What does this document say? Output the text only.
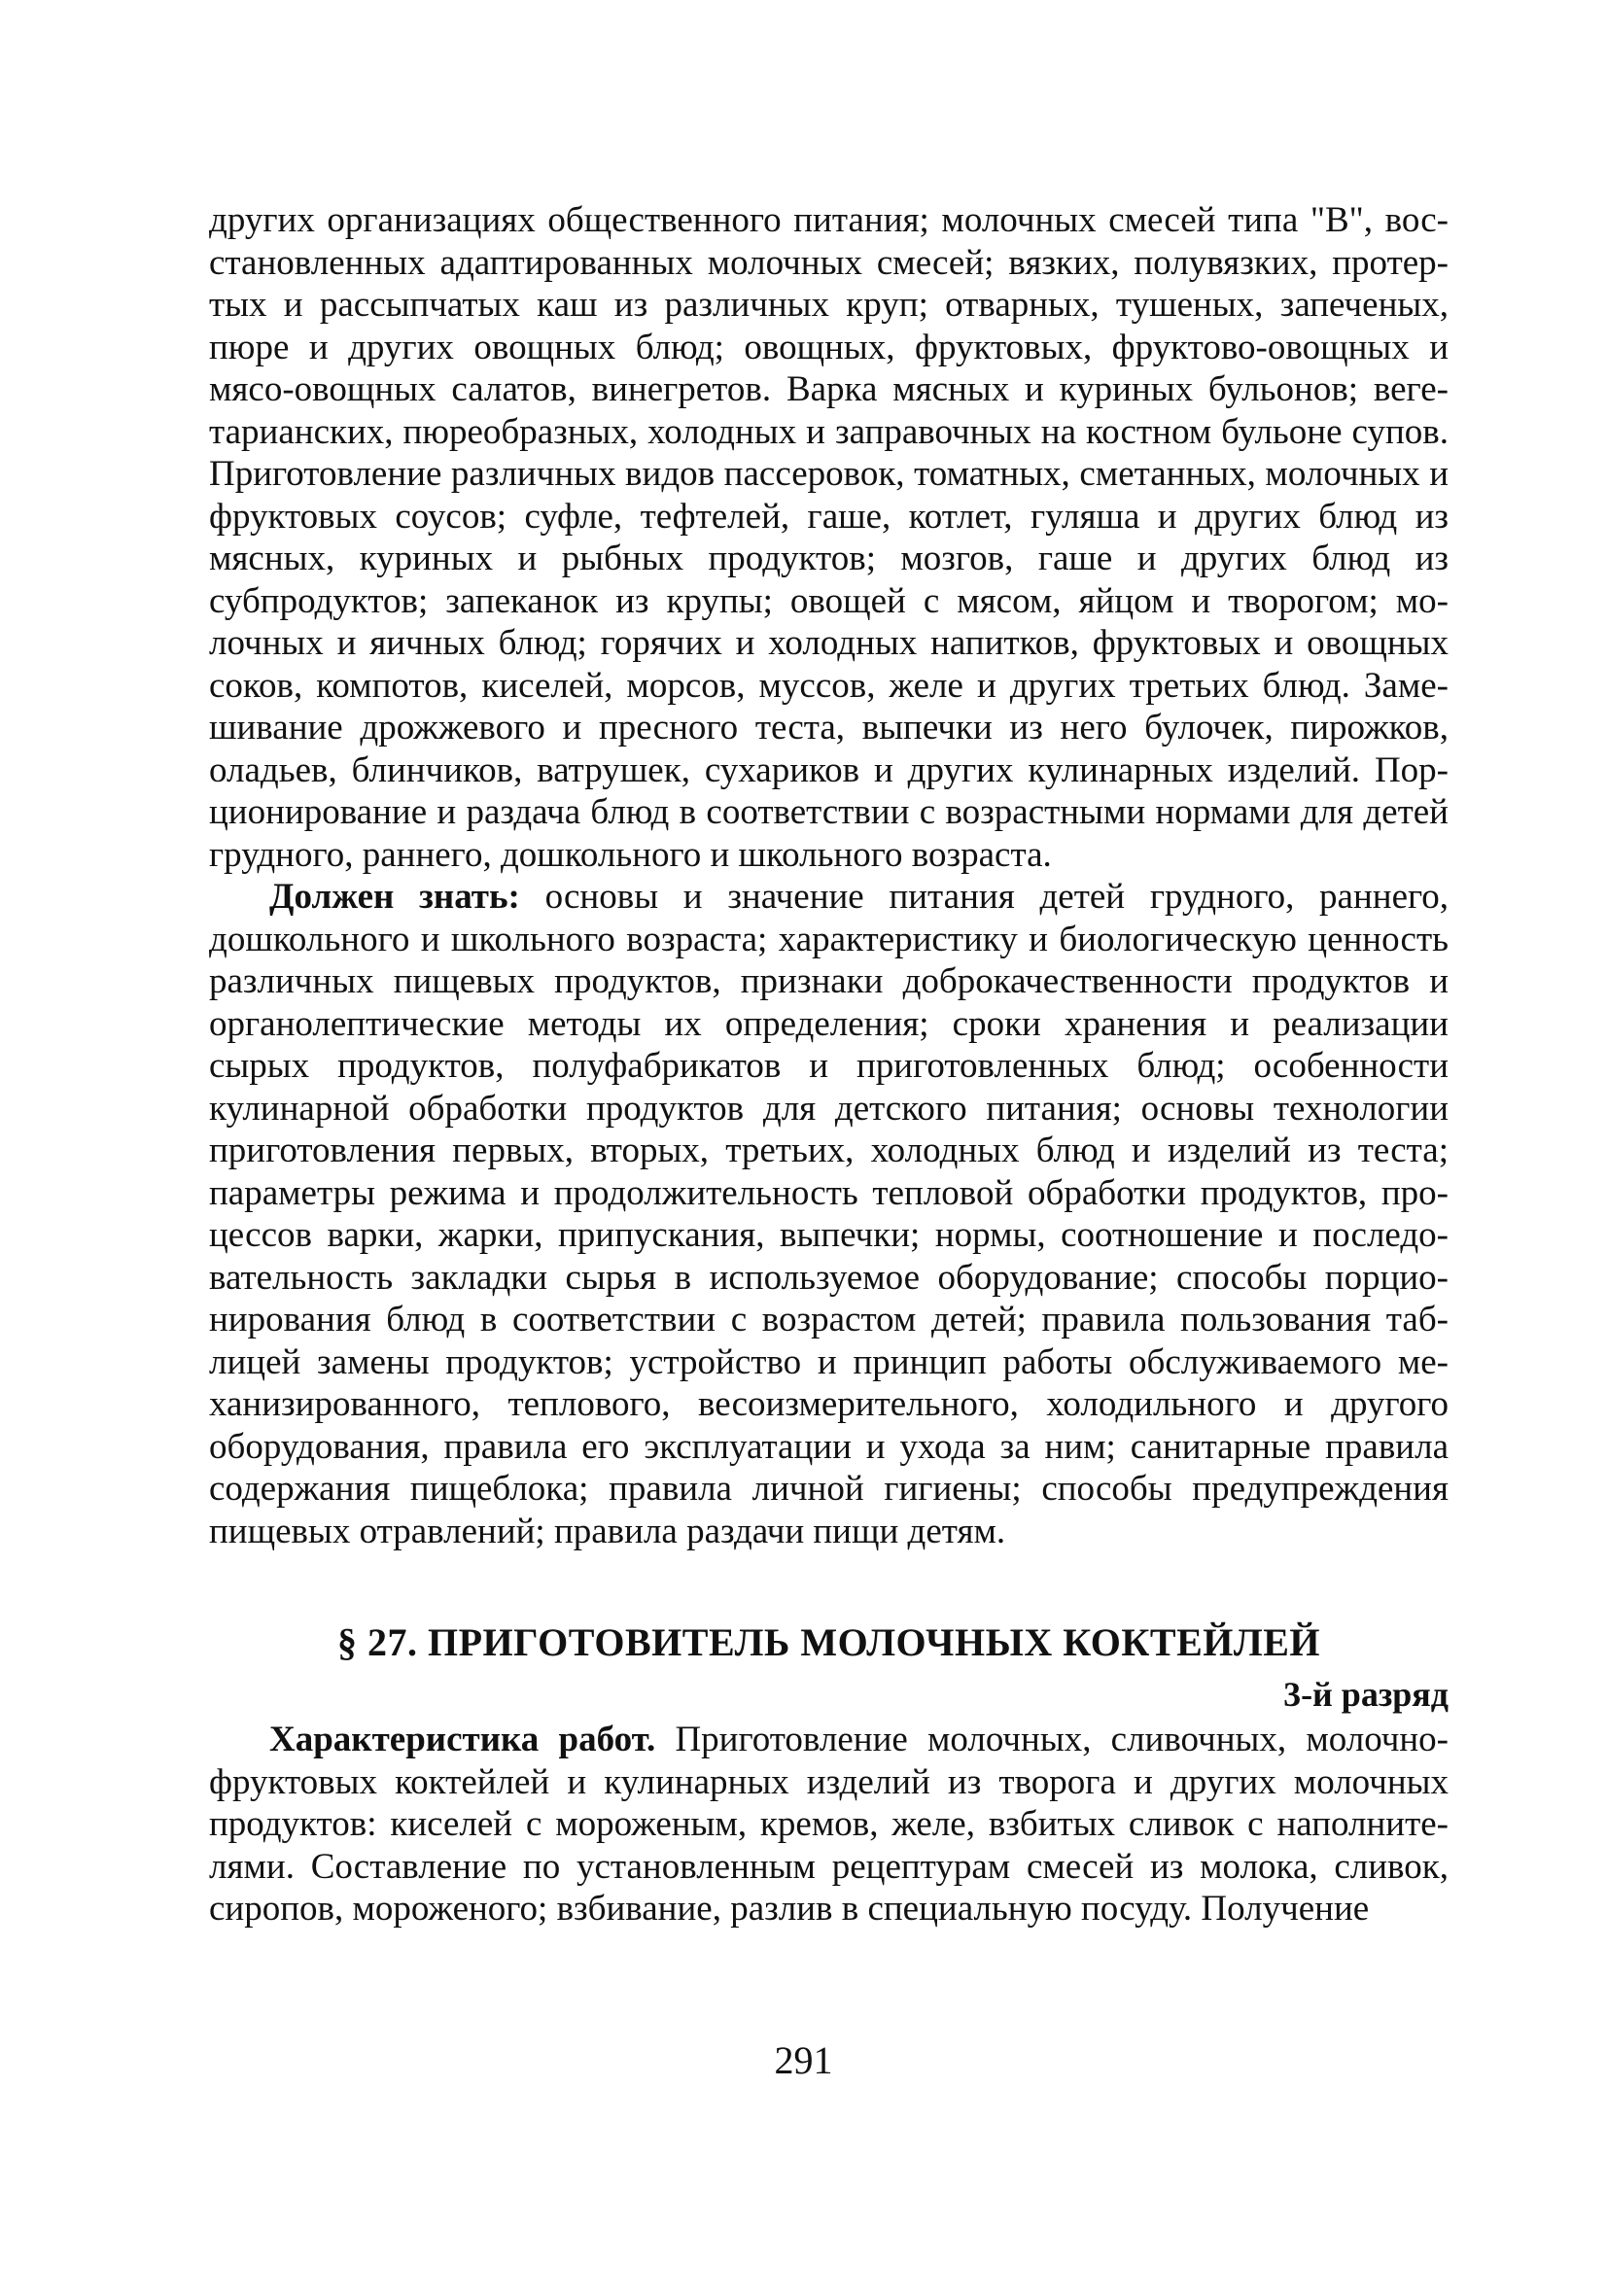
других организациях общественного питания; молочных смесей типа "В", восстановленных адаптированных молочных смесей; вязких, полувязких, протертых и рассыпчатых каш из различных круп; отварных, тушеных, запеченых, пюре и других овощных блюд; овощных, фруктовых, фруктово-овощных и мясо-овощных салатов, винегретов. Варка мясных и куриных бульонов; вегетарианских, пюреобразных, холодных и заправочных на костном бульоне супов. Приготовление различных видов пассеровок, томатных, сметанных, молочных и фруктовых соусов; суфле, тефтелей, гаше, котлет, гуляша и других блюд из мясных, куриных и рыбных продуктов; мозгов, гаше и других блюд из субпродуктов; запеканок из крупы; овощей с мясом, яйцом и творогом; молочных и яичных блюд; горячих и холодных напитков, фруктовых и овощных соков, компотов, киселей, морсов, муссов, желе и других третьих блюд. Замешивание дрожжевого и пресного теста, выпечки из него булочек, пирожков, оладьев, блинчиков, ватрушек, сухариков и других кулинарных изделий. Порционирование и раздача блюд в соответствии с возрастными нормами для детей грудного, раннего, дошкольного и школьного возраста.

Должен знать: основы и значение питания детей грудного, раннего, дошкольного и школьного возраста; характеристику и биологическую ценность различных пищевых продуктов, признаки доброкачественности продуктов и органолептические методы их определения; сроки хранения и реализации сырых продуктов, полуфабрикатов и приготовленных блюд; особенности кулинарной обработки продуктов для детского питания; основы технологии приготовления первых, вторых, третьих, холодных блюд и изделий из теста; параметры режима и продолжительность тепловой обработки продуктов, процессов варки, жарки, припускания, выпечки; нормы, соотношение и последовательность закладки сырья в используемое оборудование; способы порционирования блюд в соответствии с возрастом детей; правила пользования таблицей замены продуктов; устройство и принцип работы обслуживаемого механизированного, теплового, весоизмерительного, холодильного и другого оборудования, правила его эксплуатации и ухода за ним; санитарные правила содержания пищеблока; правила личной гигиены; способы предупреждения пищевых отравлений; правила раздачи пищи детям.

§ 27. ПРИГОТОВИТЕЛЬ МОЛОЧНЫХ КОКТЕЙЛЕЙ

3-й разряд

Характеристика работ. Приготовление молочных, сливочных, молочно-фруктовых коктейлей и кулинарных изделий из творога и других молочных продуктов: киселей с мороженым, кремов, желе, взбитых сливок с наполнителями. Составление по установленным рецептурам смесей из молока, сливок, сиропов, мороженого; взбивание, разлив в специальную посуду. Получение

291
